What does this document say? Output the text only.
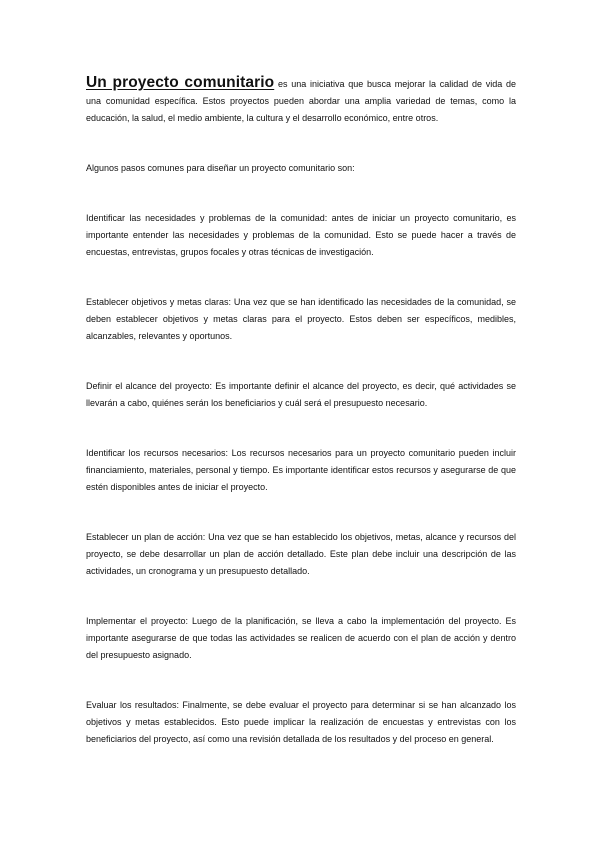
Un proyecto comunitario es una iniciativa que busca mejorar la calidad de vida de una comunidad específica. Estos proyectos pueden abordar una amplia variedad de temas, como la educación, la salud, el medio ambiente, la cultura y el desarrollo económico, entre otros.

Algunos pasos comunes para diseñar un proyecto comunitario son:

Identificar las necesidades y problemas de la comunidad: antes de iniciar un proyecto comunitario, es importante entender las necesidades y problemas de la comunidad. Esto se puede hacer a través de encuestas, entrevistas, grupos focales y otras técnicas de investigación.

Establecer objetivos y metas claras: Una vez que se han identificado las necesidades de la comunidad, se deben establecer objetivos y metas claras para el proyecto. Estos deben ser específicos, medibles, alcanzables, relevantes y oportunos.

Definir el alcance del proyecto: Es importante definir el alcance del proyecto, es decir, qué actividades se llevarán a cabo, quiénes serán los beneficiarios y cuál será el presupuesto necesario.

Identificar los recursos necesarios: Los recursos necesarios para un proyecto comunitario pueden incluir financiamiento, materiales, personal y tiempo. Es importante identificar estos recursos y asegurarse de que estén disponibles antes de iniciar el proyecto.

Establecer un plan de acción: Una vez que se han establecido los objetivos, metas, alcance y recursos del proyecto, se debe desarrollar un plan de acción detallado. Este plan debe incluir una descripción de las actividades, un cronograma y un presupuesto detallado.

Implementar el proyecto: Luego de la planificación, se lleva a cabo la implementación del proyecto. Es importante asegurarse de que todas las actividades se realicen de acuerdo con el plan de acción y dentro del presupuesto asignado.

Evaluar los resultados: Finalmente, se debe evaluar el proyecto para determinar si se han alcanzado los objetivos y metas establecidos. Esto puede implicar la realización de encuestas y entrevistas con los beneficiarios del proyecto, así como una revisión detallada de los resultados y del proceso en general.
